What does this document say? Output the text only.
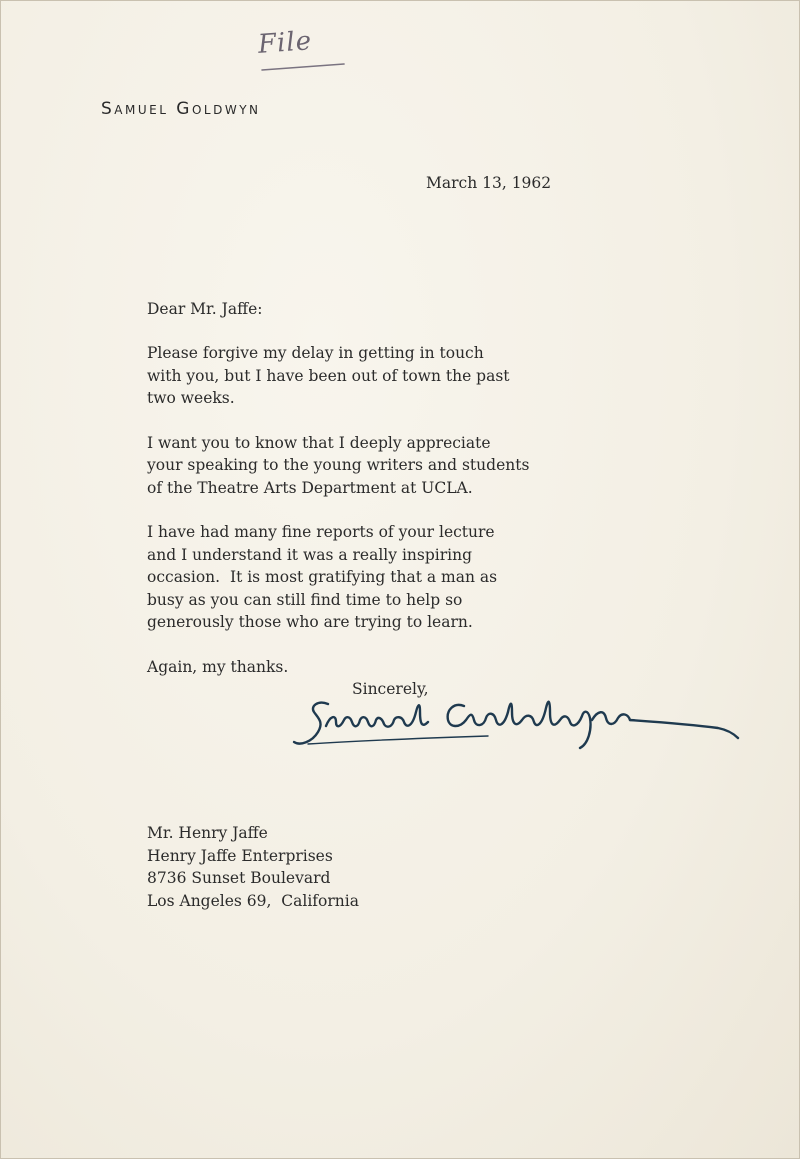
File
Samuel Goldwyn
March 13, 1962
Dear Mr. Jaffe:

Please forgive my delay in getting in touch
with you, but I have been out of town the past
two weeks.

I want you to know that I deeply appreciate
your speaking to the young writers and students
of the Theatre Arts Department at UCLA.

I have had many fine reports of your lecture
and I understand it was a really inspiring
occasion.  It is most gratifying that a man as
busy as you can still find time to help so
generously those who are trying to learn.

Again, my thanks.

Sincerely,
Mr. Henry Jaffe
Henry Jaffe Enterprises
8736 Sunset Boulevard
Los Angeles 69,  California
